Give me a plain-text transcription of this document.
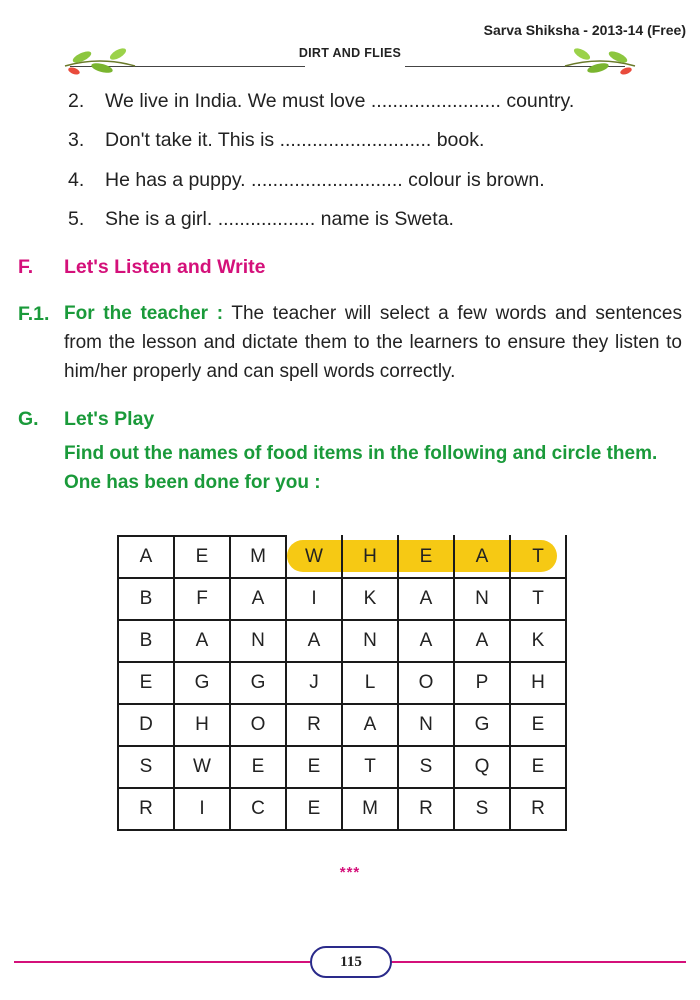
Sarva Shiksha - 2013-14 (Free)
DIRT AND FLIES
2. We live in India. We must love ........................ country.
3. Don't take it. This is ............................ book.
4. He has a puppy. ............................ colour is brown.
5. She is a girl. .................. name is Sweta.
F. Let's Listen and Write
F.1. For the teacher : The teacher will select a few words and sentences from the lesson and dictate them to the learners to ensure they listen to him/her properly and can spell words correctly.
G. Let's Play
Find out the names of food items in the following and circle them. One has been done for you :
A	E	M	W	H	E	A	T
B	F	A	I	K	A	N	T
B	A	N	A	N	A	A	K
E	G	G	J	L	O	P	H
D	H	O	R	A	N	G	E
S	W	E	E	T	S	Q	E
R	I	C	E	M	R	S	R
***
115
